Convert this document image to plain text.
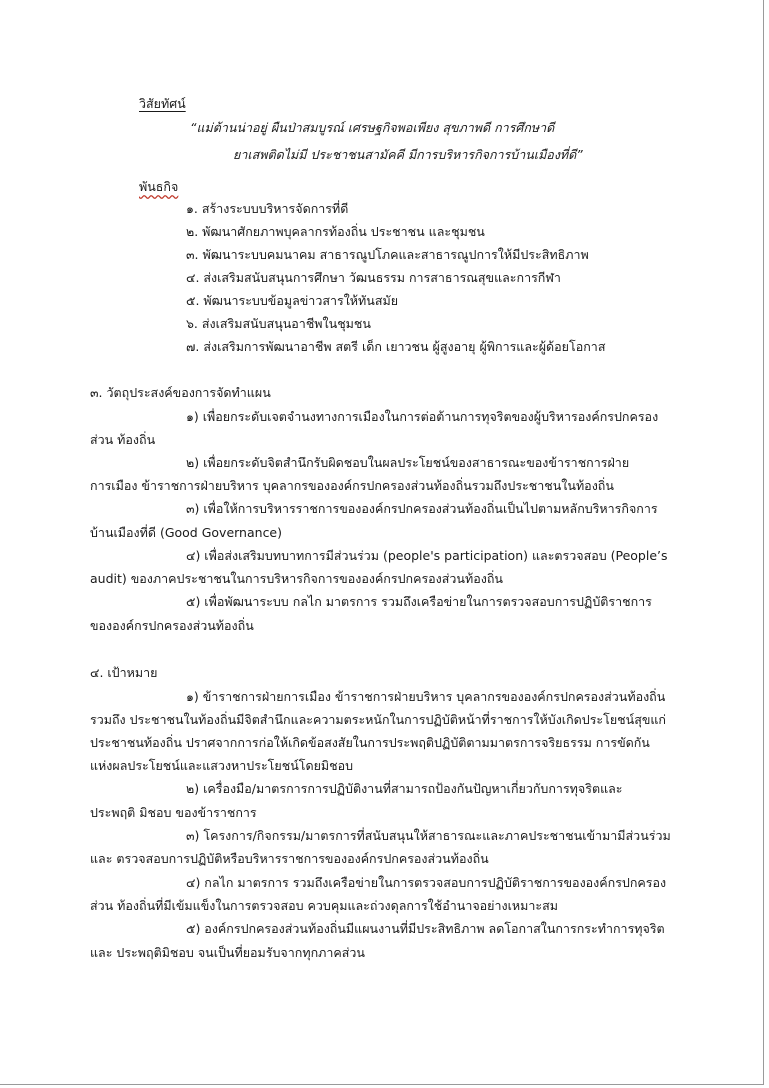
วิสัยทัศน์
“แม่ต้านน่าอยู่ ผืนป่าสมบูรณ์ เศรษฐกิจพอเพียง สุขภาพดี การศึกษาดี
ยาเสพติดไม่มี ประชาชนสามัคคี มีการบริหารกิจการบ้านเมืองที่ดี”
พันธกิจ
๑. สร้างระบบบริหารจัดการที่ดี
๒. พัฒนาศักยภาพบุคลากรท้องถิ่น ประชาชน และชุมชน
๓. พัฒนาระบบคมนาคม สาธารณูปโภคและสาธารณูปการให้มีประสิทธิภาพ
๔. ส่งเสริมสนับสนุนการศึกษา วัฒนธรรม การสาธารณสุขและการกีฬา
๕. พัฒนาระบบข้อมูลข่าวสารให้ทันสมัย
๖. ส่งเสริมสนับสนุนอาชีพในชุมชน
๗. ส่งเสริมการพัฒนาอาชีพ สตรี เด็ก เยาวชน ผู้สูงอายุ ผู้พิการและผู้ด้อยโอกาส
๓. วัตถุประสงค์ของการจัดทำแผน
๑) เพื่อยกระดับเจตจำนงทางการเมืองในการต่อต้านการทุจริตของผู้บริหารองค์กรปกครอง
ส่วน ท้องถิ่น
๒) เพื่อยกระดับจิตสำนึกรับผิดชอบในผลประโยชน์ของสาธารณะของข้าราชการฝ่าย
การเมือง ข้าราชการฝ่ายบริหาร บุคลากรขององค์กรปกครองส่วนท้องถิ่นรวมถึงประชาชนในท้องถิ่น
๓) เพื่อให้การบริหารราชการขององค์กรปกครองส่วนท้องถิ่นเป็นไปตามหลักบริหารกิจการ
บ้านเมืองที่ดี (Good Governance)
๔) เพื่อส่งเสริมบทบาทการมีส่วนร่วม (people's participation) และตรวจสอบ (People’s
audit) ของภาคประชาชนในการบริหารกิจการขององค์กรปกครองส่วนท้องถิ่น
๕) เพื่อพัฒนาระบบ กลไก มาตรการ รวมถึงเครือข่ายในการตรวจสอบการปฏิบัติราชการ
ขององค์กรปกครองส่วนท้องถิ่น
๔. เป้าหมาย
๑) ข้าราชการฝ่ายการเมือง ข้าราชการฝ่ายบริหาร บุคลากรขององค์กรปกครองส่วนท้องถิ่น
รวมถึง ประชาชนในท้องถิ่นมีจิตสำนึกและความตระหนักในการปฏิบัติหน้าที่ราชการให้บังเกิดประโยชน์สุขแก่
ประชาชนท้องถิ่น ปราศจากการก่อให้เกิดข้อสงสัยในการประพฤติปฏิบัติตามมาตรการจริยธรรม การขัดกัน
แห่งผลประโยชน์และแสวงหาประโยชน์โดยมิชอบ
๒) เครื่องมือ/มาตรการการปฏิบัติงานที่สามารถป้องกันปัญหาเกี่ยวกับการทุจริตและ
ประพฤติ มิชอบ ของข้าราชการ
๓) โครงการ/กิจกรรม/มาตรการที่สนับสนุนให้สาธารณะและภาคประชาชนเข้ามามีส่วนร่วม
และ ตรวจสอบการปฏิบัติหรือบริหารราชการขององค์กรปกครองส่วนท้องถิ่น
๔) กลไก มาตรการ รวมถึงเครือข่ายในการตรวจสอบการปฏิบัติราชการขององค์กรปกครอง
ส่วน ท้องถิ่นที่มีเข้มแข็งในการตรวจสอบ ควบคุมและถ่วงดุลการใช้อำนาจอย่างเหมาะสม
๕) องค์กรปกครองส่วนท้องถิ่นมีแผนงานที่มีประสิทธิภาพ ลดโอกาสในการกระทำการทุจริต
และ ประพฤติมิชอบ จนเป็นที่ยอมรับจากทุกภาคส่วน
